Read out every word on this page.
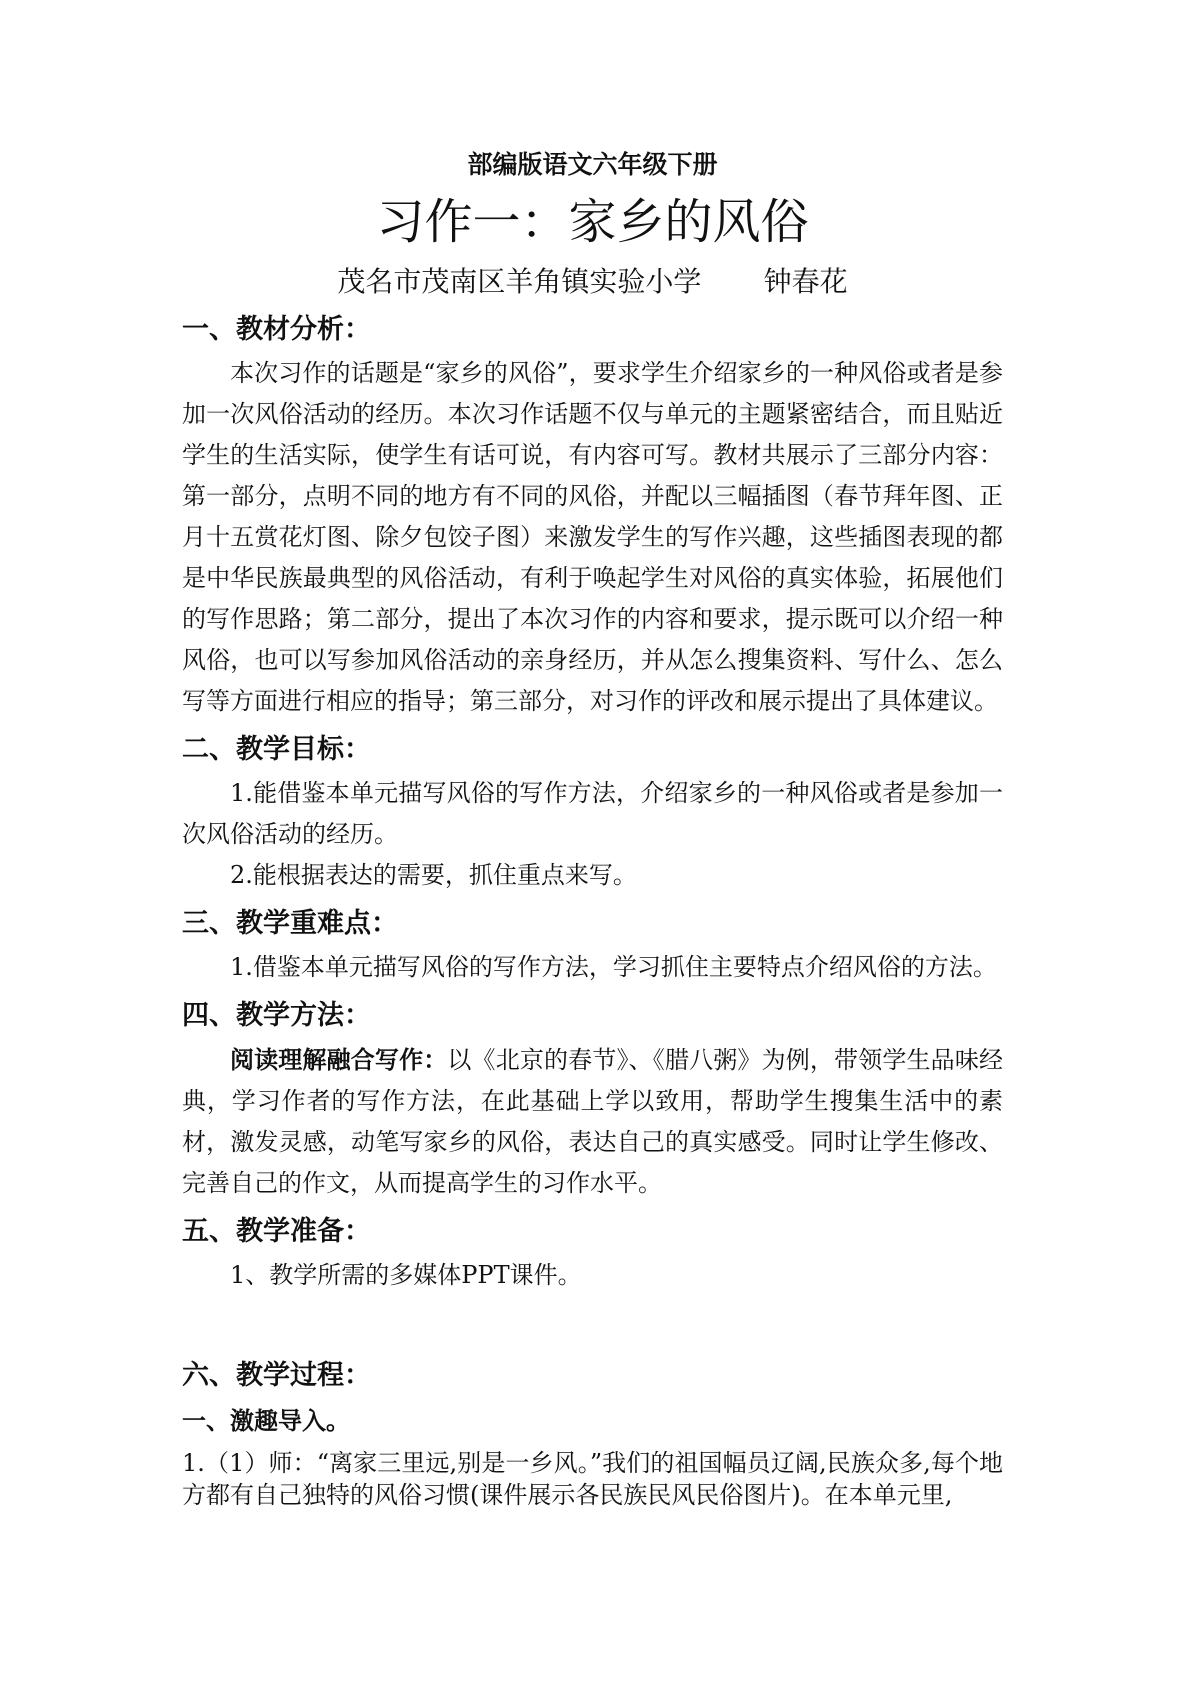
部编版语文六年级下册
习作一：家乡的风俗
茂名市茂南区羊角镇实验小学       钟春花
一、教材分析：

本次习作的话题是“家乡的风俗”，要求学生介绍家乡的一种风俗或者是参加一次风俗活动的经历。本次习作话题不仅与单元的主题紧密结合，而且贴近学生的生活实际，使学生有话可说，有内容可写。教材共展示了三部分内容：第一部分，点明不同的地方有不同的风俗，并配以三幅插图（春节拜年图、正月十五赏花灯图、除夕包饺子图）来激发学生的写作兴趣，这些插图表现的都是中华民族最典型的风俗活动，有利于唤起学生对风俗的真实体验，拓展他们的写作思路；第二部分，提出了本次习作的内容和要求，提示既可以介绍一种风俗，也可以写参加风俗活动的亲身经历，并从怎么搜集资料、写什么、怎么写等方面进行相应的指导；第三部分，对习作的评改和展示提出了具体建议。

二、教学目标：

1.能借鉴本单元描写风俗的写作方法，介绍家乡的一种风俗或者是参加一次风俗活动的经历。

2.能根据表达的需要，抓住重点来写。

三、教学重难点：

1.借鉴本单元描写风俗的写作方法，学习抓住主要特点介绍风俗的方法。

四、教学方法：

阅读理解融合写作：以《北京的春节》、《腊八粥》为例，带领学生品味经典，学习作者的写作方法，在此基础上学以致用，帮助学生搜集生活中的素材，激发灵感，动笔写家乡的风俗，表达自己的真实感受。同时让学生修改、完善自己的作文，从而提高学生的习作水平。

五、教学准备：

1、教学所需的多媒体PPT课件。

六、教学过程：
一、激趣导入。

1.（1）师：“离家三里远,别是一乡风。”我们的祖国幅员辽阔,民族众多,每个地方都有自己独特的风俗习惯(课件展示各民族民风民俗图片)。在本单元里,
